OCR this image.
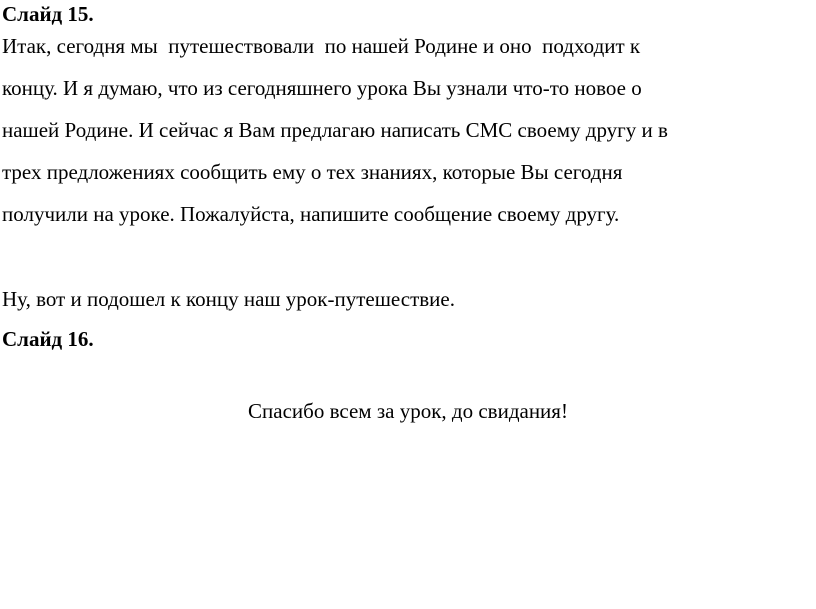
Слайд 15.

Итак, сегодня мы  путешествовали  по нашей Родине и оно  подходит к

концу. И я думаю, что из сегодняшнего урока Вы узнали что-то новое о

нашей Родине. И сейчас я Вам предлагаю написать СМС своему другу и в

трех предложениях сообщить ему о тех знаниях, которые Вы сегодня

получили на уроке. Пожалуйста, напишите сообщение своему другу.

Ну, вот и подошел к концу наш урок-путешествие.

Слайд 16.

Спасибо всем за урок, до свидания!
